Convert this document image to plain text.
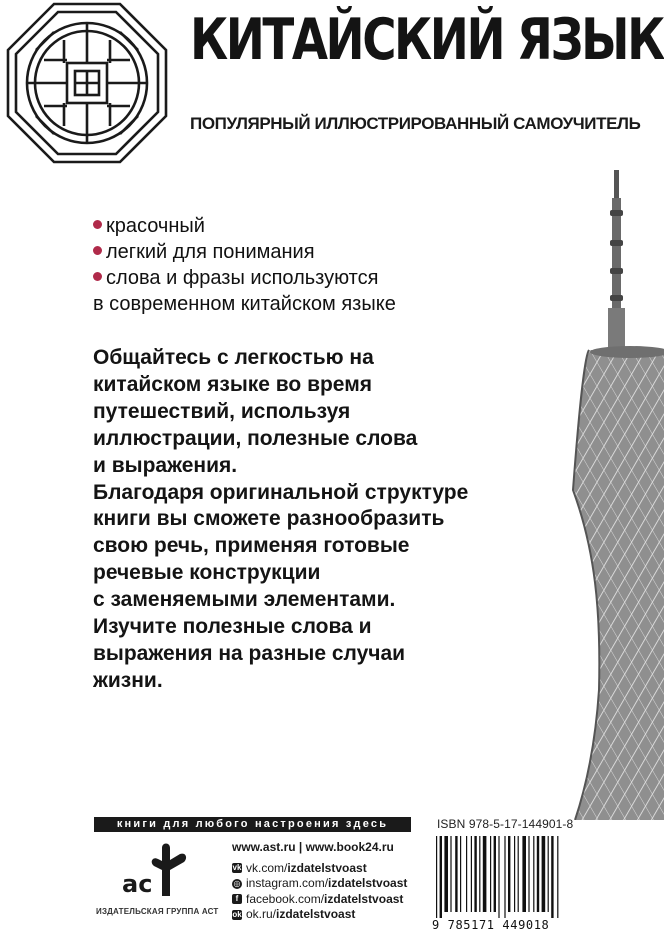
КИТАЙСКИЙ ЯЗЫК
ПОПУЛЯРНЫЙ ИЛЛЮСТРИРОВАННЫЙ САМОУЧИТЕЛЬ
красочный
легкий для понимания
слова и фразы используются
в современном китайском языке
Общайтесь с легкостью на
китайском языке во время
путешествий, используя
иллюстрации, полезные слова
и выражения.
Благодаря оригинальной структуре
книги вы сможете разнообразить
свою речь, применяя готовые
речевые конструкции
с заменяемыми элементами.
Изучите полезные слова и
выражения на разные случаи
жизни.
книги для любого настроения здесь	ISBN 978-5-17-144901-8
ac
ИЗДАТЕЛЬСКАЯ ГРУППА АСТ
www.ast.ru | www.book24.ru
vk vk.com/ izdatelstvoast
◎ instagram.com/ izdatelstvoast
f facebook.com/ izdatelstvoast
ok ok.ru/ izdatelstvoast
9 785171 449018
